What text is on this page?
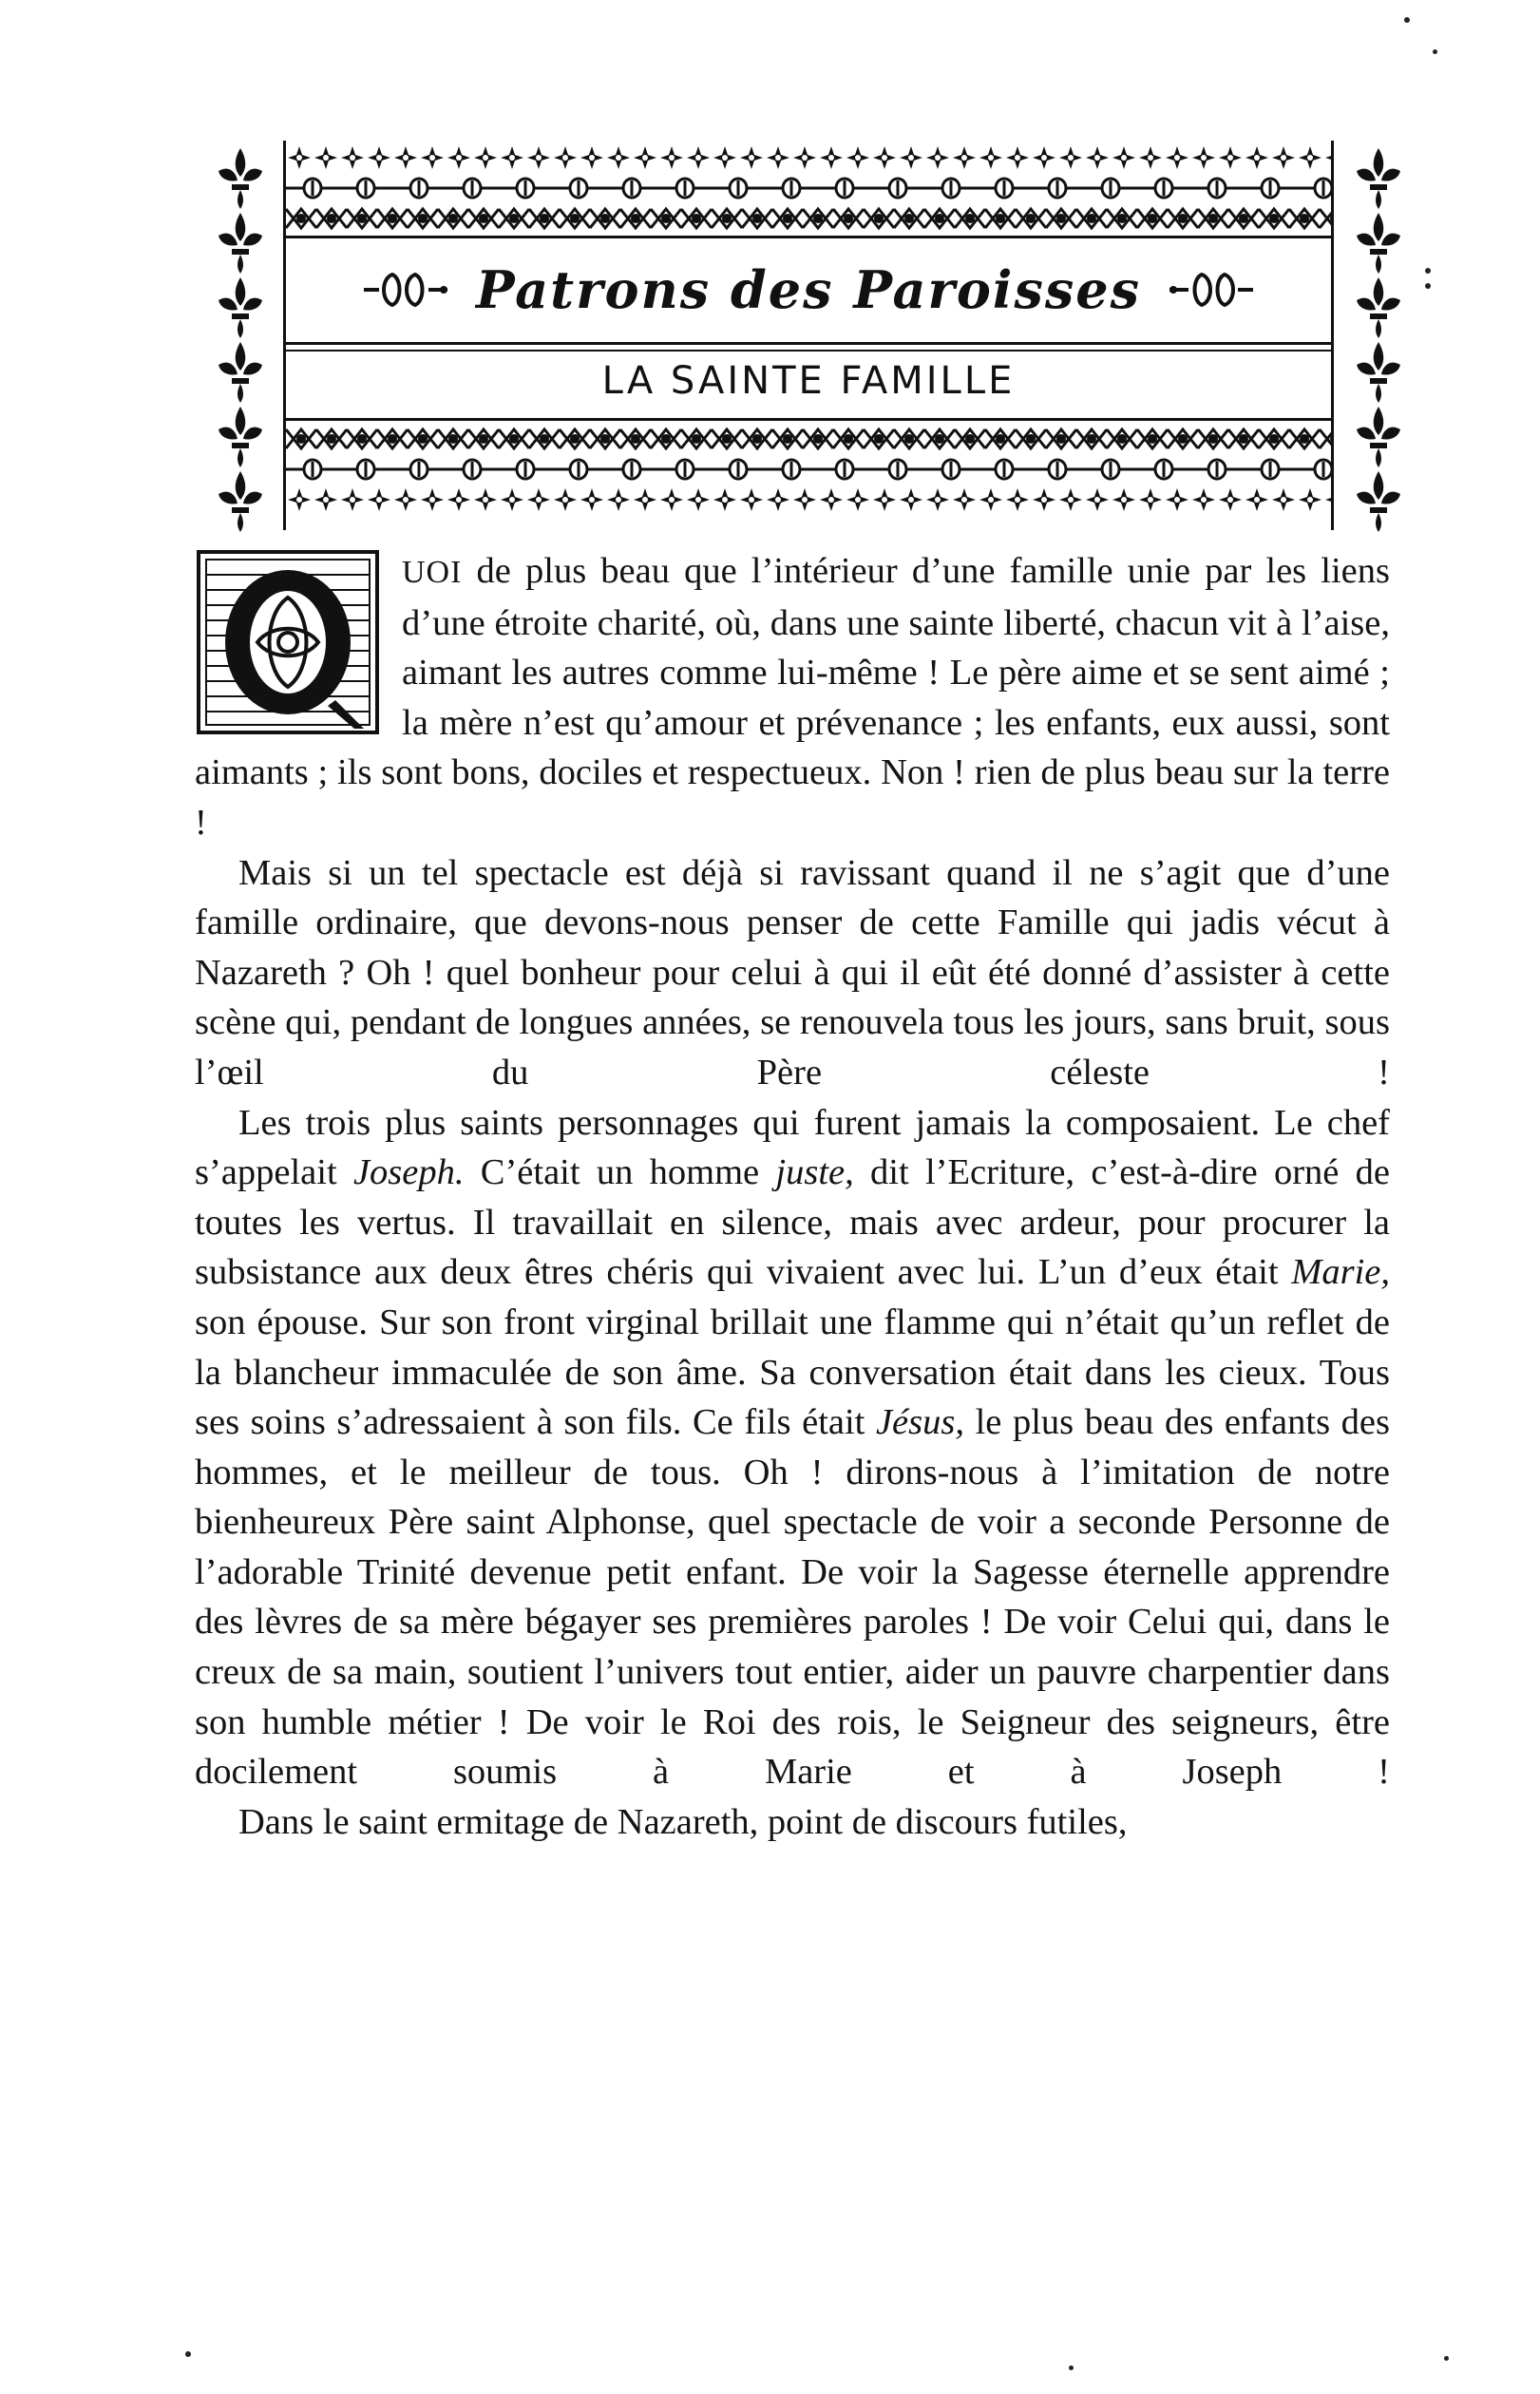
Patrons des Paroisses
LA SAINTE FAMILLE

Q
UOI de plus beau que l’intérieur d’une famille unie par les liens d’une étroite charité, où, dans une sainte liberté, chacun vit à l’aise, aimant les autres comme lui-même ! Le père aime et se sent aimé ; la mère n’est qu’amour et prévenance ; les enfants, eux aussi, sont aimants ; ils sont bons, dociles et respectueux. Non ! rien de plus beau sur la terre !

Mais si un tel spectacle est déjà si ravissant quand il ne s’agit que d’une famille ordinaire, que devons-nous penser de cette Famille qui jadis vécut à Nazareth ? Oh ! quel bonheur pour celui à qui il eût été donné d’assister à cette scène qui, pendant de longues années, se renouvela tous les jours, sans bruit, sous l’œil du Père céleste !

Les trois plus saints personnages qui furent jamais la composaient. Le chef s’appelait Joseph. C’était un homme juste, dit l’Ecriture, c’est-à-dire orné de toutes les vertus. Il travaillait en silence, mais avec ardeur, pour procurer la subsistance aux deux êtres chéris qui vivaient avec lui. L’un d’eux était Marie, son épouse. Sur son front virginal brillait une flamme qui n’était qu’un reflet de la blancheur immaculée de son âme. Sa conversation était dans les cieux. Tous ses soins s’adressaient à son fils. Ce fils était Jésus, le plus beau des enfants des hommes, et le meilleur de tous. Oh ! dirons-nous à l’imitation de notre bienheureux Père saint Alphonse, quel spectacle de voir a seconde Personne de l’adorable Trinité devenue petit enfant. De voir la Sagesse éternelle apprendre des lèvres de sa mère bégayer ses premières paroles ! De voir Celui qui, dans le creux de sa main, soutient l’univers tout entier, aider un pauvre charpentier dans son humble métier ! De voir le Roi des rois, le Seigneur des seigneurs, être docilement soumis à Marie et à Joseph !

Dans le saint ermitage de Nazareth, point de discours futiles,
